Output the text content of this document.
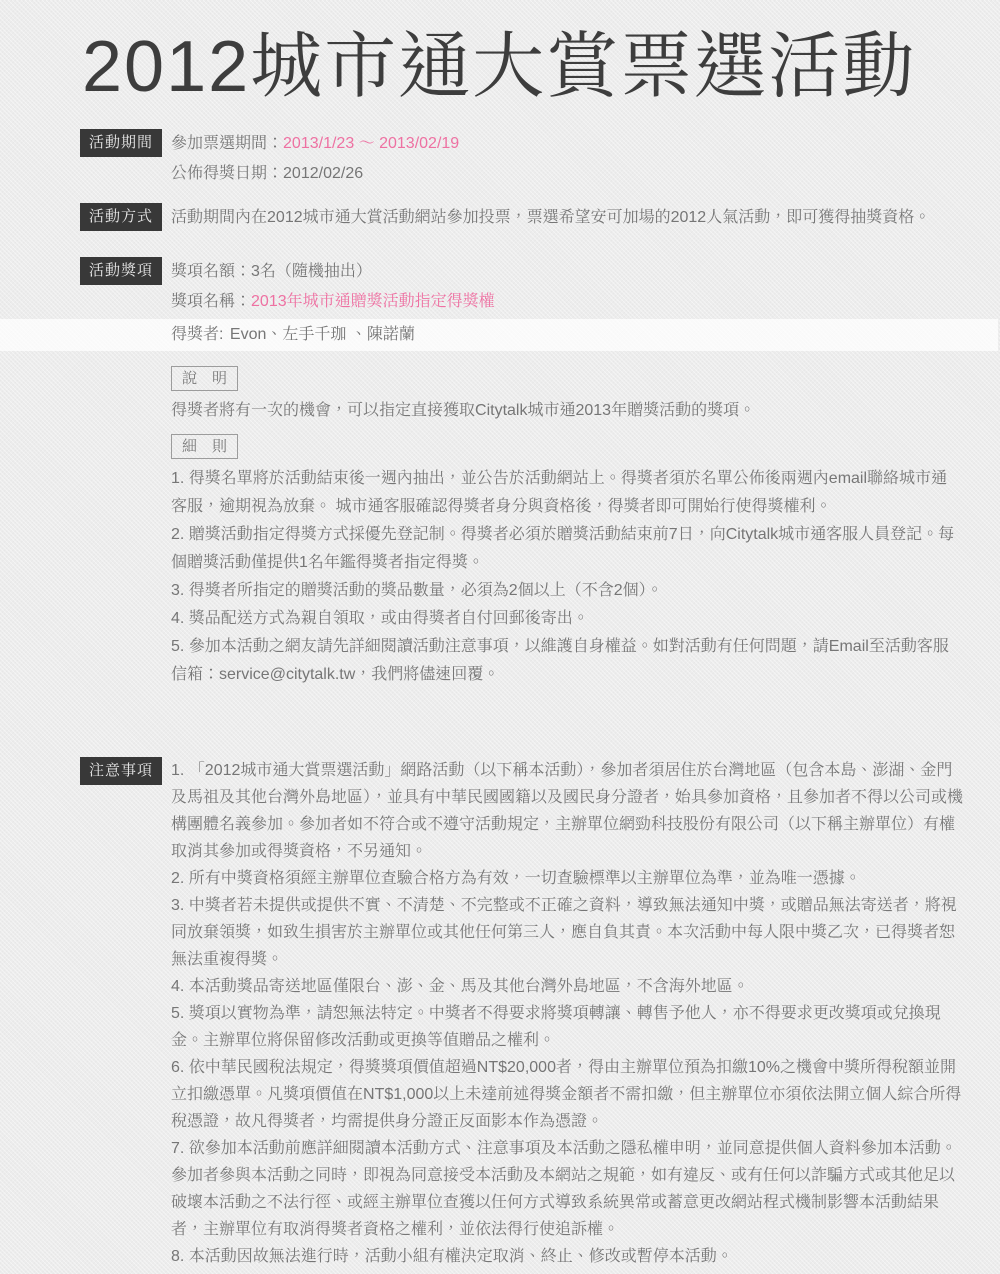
2012城市通大賞票選活動
活動期間	參加票選期間：2013/1/23 ～ 2013/02/19

公佈得獎日期：2012/02/26

活動方式	活動期間內在2012城市通大賞活動網站參加投票，票選希望安可加場的2012人氣活動，即可獲得抽獎資格。

活動獎項	獎項名額：3名（隨機抽出）

獎項名稱：2013年城市通贈獎活動指定得獎權

得獎者: Evon、左手千珈 、陳諾蘭

說　明

得獎者將有一次的機會，可以指定直接獲取Citytalk城市通2013年贈獎活動的獎項。

細　則

1. 得獎名單將於活動結束後一週內抽出，並公告於活動網站上。得獎者須於名單公佈後兩週內email聯絡城市通客服，逾期視為放棄。 城市通客服確認得獎者身分與資格後，得獎者即可開始行使得獎權利。

2. 贈獎活動指定得獎方式採優先登記制。得獎者必須於贈獎活動結束前7日，向Citytalk城市通客服人員登記。每個贈獎活動僅提供1名年鑑得獎者指定得獎。

3. 得獎者所指定的贈獎活動的獎品數量，必須為2個以上（不含2個）。

4. 獎品配送方式為親自領取，或由得獎者自付回郵後寄出。

5. 參加本活動之網友請先詳細閱讀活動注意事項，以維護自身權益。如對活動有任何問題，請Email至活動客服信箱：service@citytalk.tw，我們將儘速回覆。

注意事項	1. 「2012城市通大賞票選活動」網路活動（以下稱本活動），參加者須居住於台灣地區（包含本島、澎湖、金門及馬祖及其他台灣外島地區），並具有中華民國國籍以及國民身分證者，始具參加資格，且參加者不得以公司或機構團體名義參加。參加者如不符合或不遵守活動規定，主辦單位網勁科技股份有限公司（以下稱主辦單位）有權取消其參加或得獎資格，不另通知。

2. 所有中獎資格須經主辦單位查驗合格方為有效，一切查驗標準以主辦單位為準，並為唯一憑據。

3. 中獎者若未提供或提供不實、不清楚、不完整或不正確之資料，導致無法通知中獎，或贈品無法寄送者，將視同放棄領獎，如致生損害於主辦單位或其他任何第三人，應自負其責。本次活動中每人限中獎乙次，已得獎者恕無法重複得獎。

4. 本活動獎品寄送地區僅限台、澎、金、馬及其他台灣外島地區，不含海外地區。

5. 獎項以實物為準，請恕無法特定。中獎者不得要求將獎項轉讓、轉售予他人，亦不得要求更改獎項或兌換現金。主辦單位將保留修改活動或更換等值贈品之權利。

6. 依中華民國稅法規定，得獎獎項價值超過NT$20,000者，得由主辦單位預為扣繳10%之機會中獎所得稅額並開立扣繳憑單。凡獎項價值在NT$1,000以上未達前述得獎金額者不需扣繳，但主辦單位亦須依法開立個人綜合所得稅憑證，故凡得獎者，均需提供身分證正反面影本作為憑證。

7. 欲參加本活動前應詳細閱讀本活動方式、注意事項及本活動之隱私權申明，並同意提供個人資料參加本活動。參加者參與本活動之同時，即視為同意接受本活動及本網站之規範，如有違反、或有任何以詐騙方式或其他足以破壞本活動之不法行徑、或經主辦單位查獲以任何方式導致系統異常或蓄意更改網站程式機制影響本活動結果者，主辦單位有取消得獎者資格之權利，並依法得行使追訴權。

8. 本活動因故無法進行時，活動小組有權決定取消、終止、修改或暫停本活動。
